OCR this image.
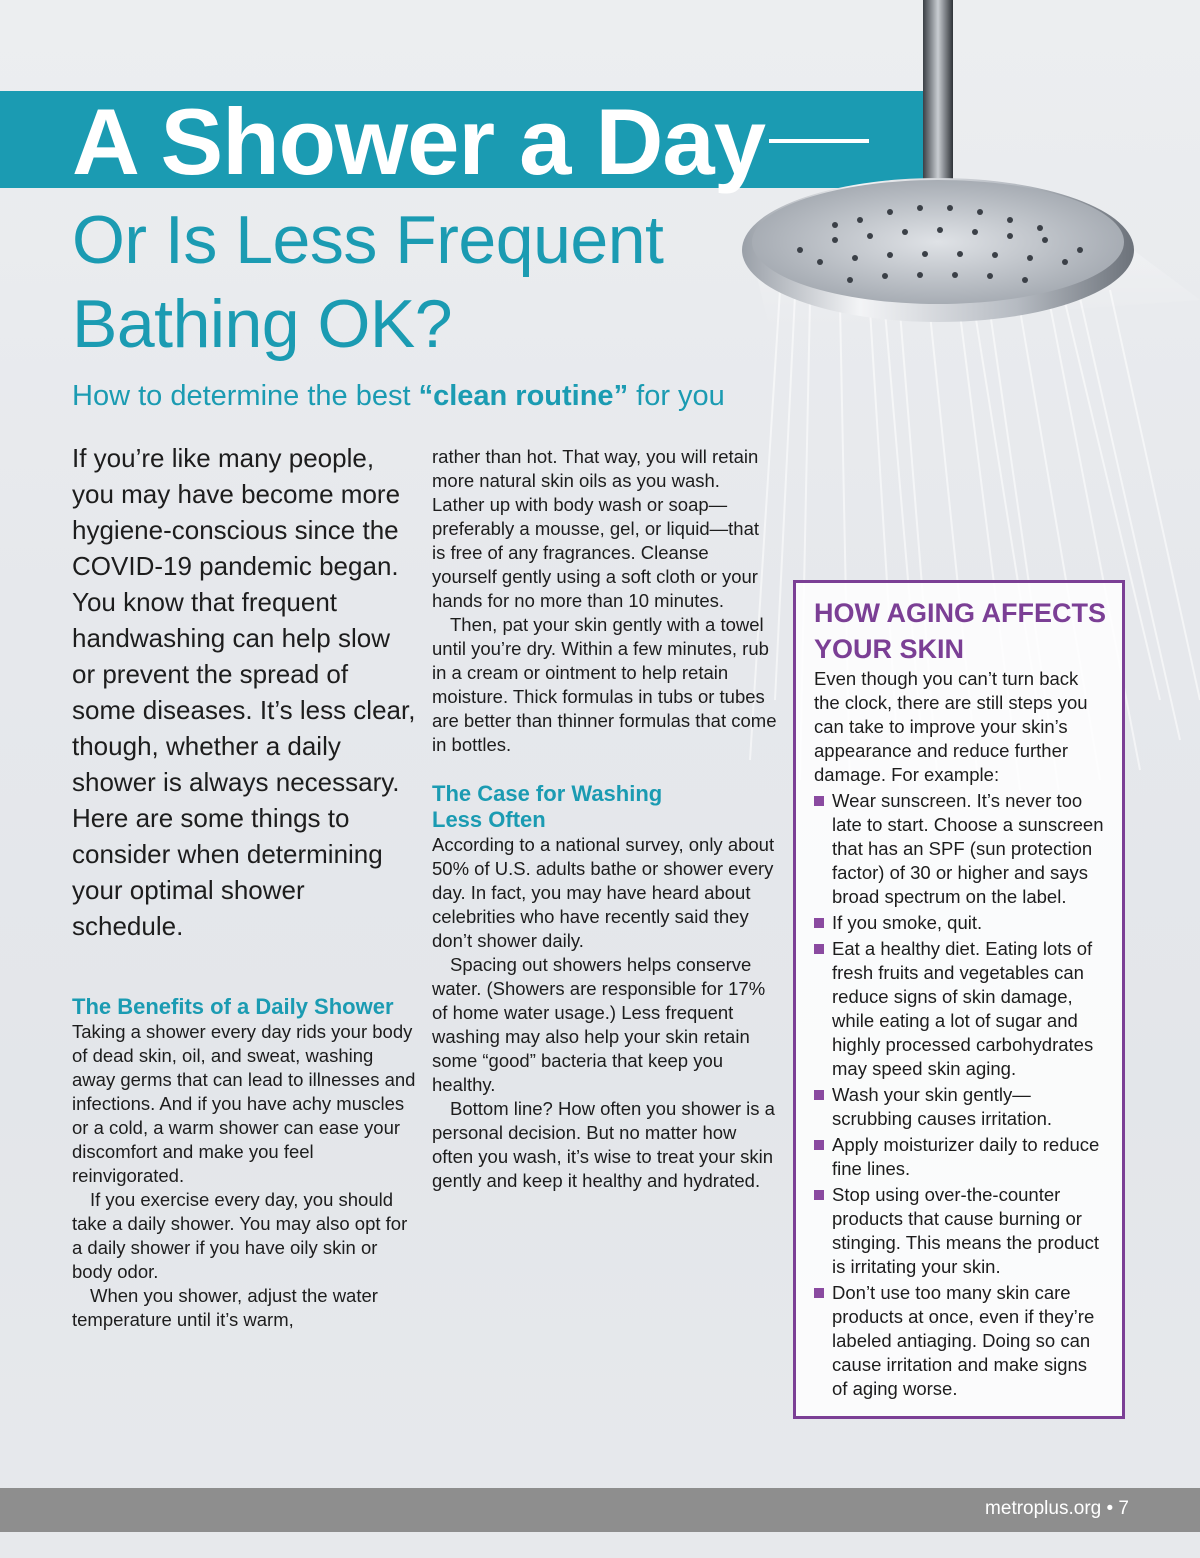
A Shower a Day
Or Is Less Frequent
Bathing OK?
How to determine the best “clean routine” for you

If you’re like many people, you may have become more hygiene-conscious since the COVID-19 pandemic began. You know that frequent handwashing can help slow or prevent the spread of some diseases. It’s less clear, though, whether a daily shower is always necessary. Here are some things to consider when determining your optimal shower schedule.

The Benefits of a Daily Shower

Taking a shower every day rids your body of dead skin, oil, and sweat, washing away germs that can lead to illnesses and infections. And if you have achy muscles or a cold, a warm shower can ease your discomfort and make you feel reinvigorated.

If you exercise every day, you should take a daily shower. You may also opt for a daily shower if you have oily skin or body odor.

When you shower, adjust the water temperature until it’s warm,

rather than hot. That way, you will retain more natural skin oils as you wash. Lather up with body wash or soap—preferably a mousse, gel, or liquid—that is free of any fragrances. Cleanse yourself gently using a soft cloth or your hands for no more than 10 minutes.

Then, pat your skin gently with a towel until you’re dry. Within a few minutes, rub in a cream or ointment to help retain moisture. Thick formulas in tubs or tubes are better than thinner formulas that come in bottles.

The Case for Washing Less Often

According to a national survey, only about 50% of U.S. adults bathe or shower every day. In fact, you may have heard about celebrities who have recently said they don’t shower daily.

Spacing out showers helps conserve water. (Showers are responsible for 17% of home water usage.) Less frequent washing may also help your skin retain some “good” bacteria that keep you healthy.

Bottom line? How often you shower is a personal decision. But no matter how often you wash, it’s wise to treat your skin gently and keep it healthy and hydrated.

HOW AGING AFFECTS YOUR SKIN

Even though you can’t turn back the clock, there are still steps you can take to improve your skin’s appearance and reduce further damage. For example:

Wear sunscreen. It’s never too late to start. Choose a sunscreen that has an SPF (sun protection factor) of 30 or higher and says broad spectrum on the label.
If you smoke, quit.
Eat a healthy diet. Eating lots of fresh fruits and vegetables can reduce signs of skin damage, while eating a lot of sugar and highly processed carbohydrates may speed skin aging.
Wash your skin gently—scrubbing causes irritation.
Apply moisturizer daily to reduce fine lines.
Stop using over-the-counter products that cause burning or stinging. This means the product is irritating your skin.
Don’t use too many skin care products at once, even if they’re labeled antiaging. Doing so can cause irritation and make signs of aging worse.
metroplus.org • 7
